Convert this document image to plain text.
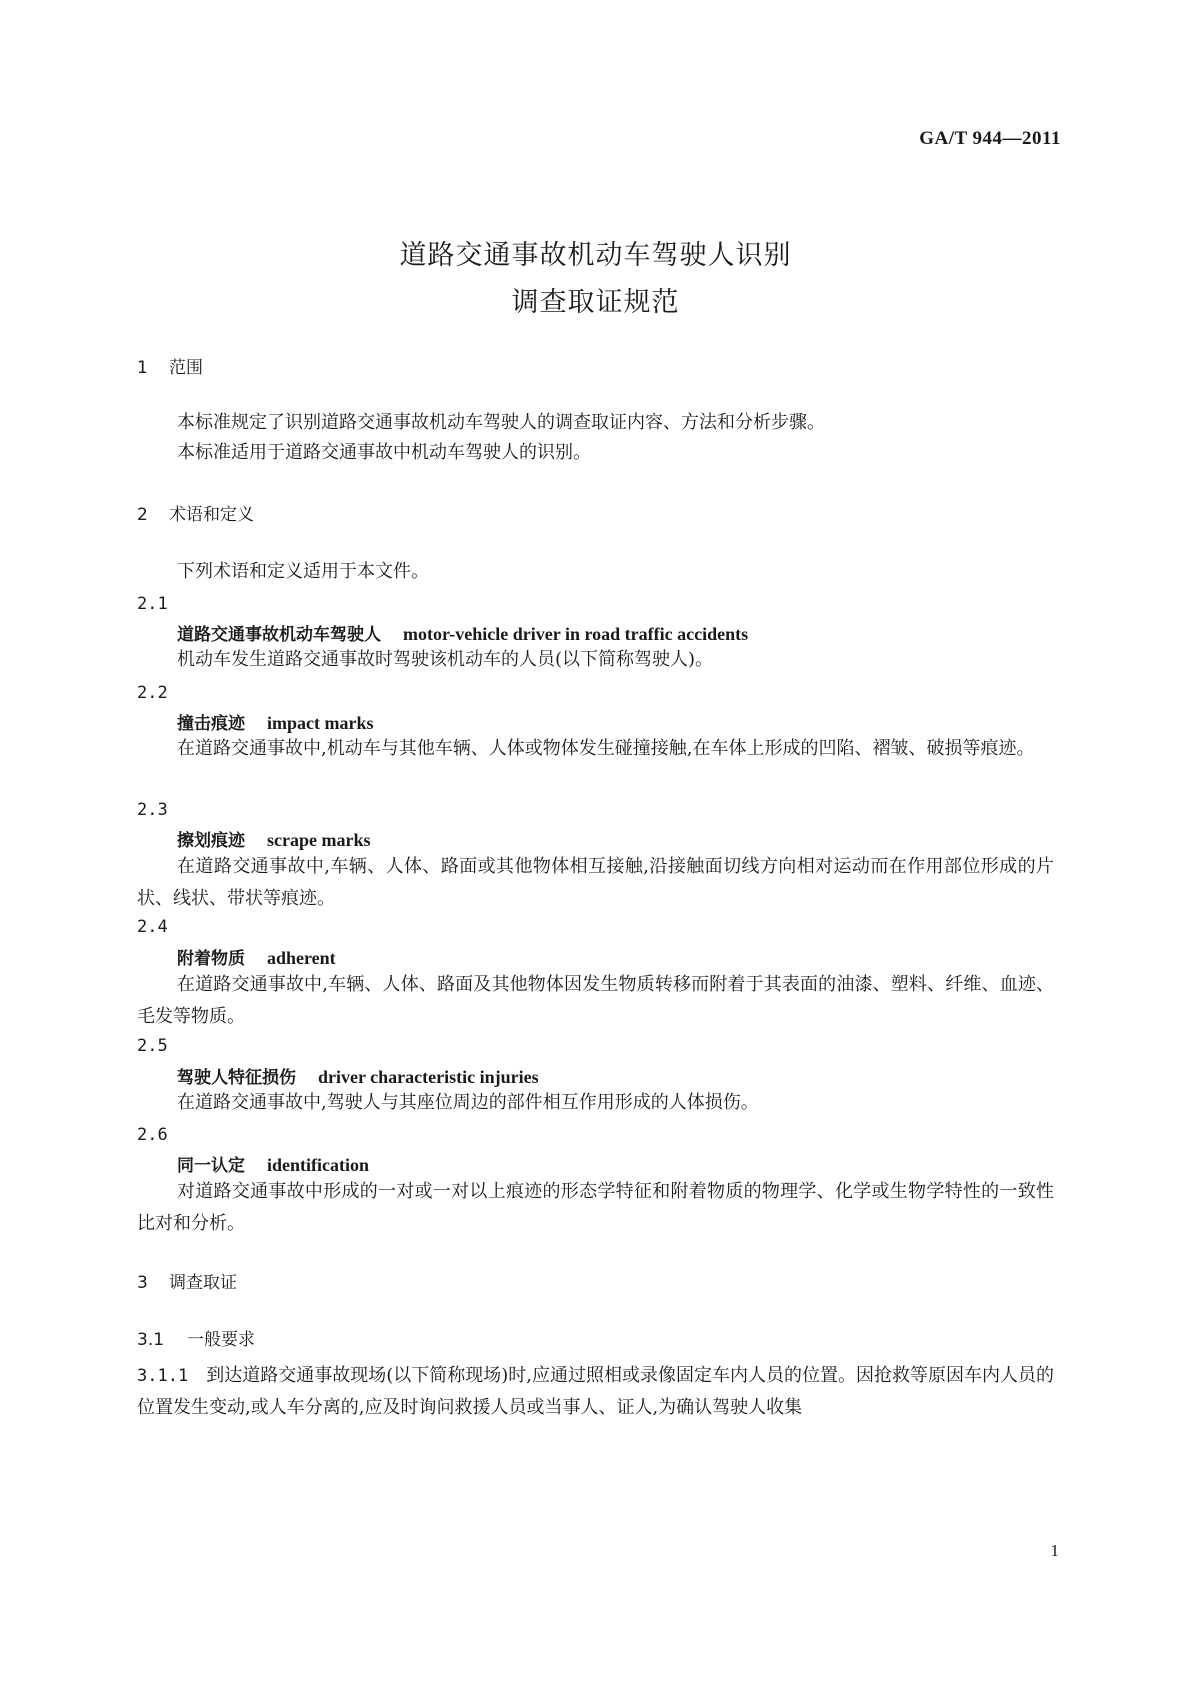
GA/T 944—2011
道路交通事故机动车驾驶人识别
调查取证规范
1 范围
本标准规定了识别道路交通事故机动车驾驶人的调查取证内容、方法和分析步骤。
本标准适用于道路交通事故中机动车驾驶人的识别。
2 术语和定义
下列术语和定义适用于本文件。
2.1
道路交通事故机动车驾驶人 motor-vehicle driver in road traffic accidents
机动车发生道路交通事故时驾驶该机动车的人员(以下简称驾驶人)。
2.2
撞击痕迹 impact marks
在道路交通事故中,机动车与其他车辆、人体或物体发生碰撞接触,在车体上形成的凹陷、褶皱、破损等痕迹。
2.3
擦划痕迹 scrape marks
在道路交通事故中,车辆、人体、路面或其他物体相互接触,沿接触面切线方向相对运动而在作用部位形成的片状、线状、带状等痕迹。
2.4
附着物质 adherent
在道路交通事故中,车辆、人体、路面及其他物体因发生物质转移而附着于其表面的油漆、塑料、纤维、血迹、毛发等物质。
2.5
驾驶人特征损伤 driver characteristic injuries
在道路交通事故中,驾驶人与其座位周边的部件相互作用形成的人体损伤。
2.6
同一认定 identification
对道路交通事故中形成的一对或一对以上痕迹的形态学特征和附着物质的物理学、化学或生物学特性的一致性比对和分析。
3 调查取证
3.1 一般要求
3.1.1 到达道路交通事故现场(以下简称现场)时,应通过照相或录像固定车内人员的位置。因抢救等原因车内人员的位置发生变动,或人车分离的,应及时询问救援人员或当事人、证人,为确认驾驶人收集
1
